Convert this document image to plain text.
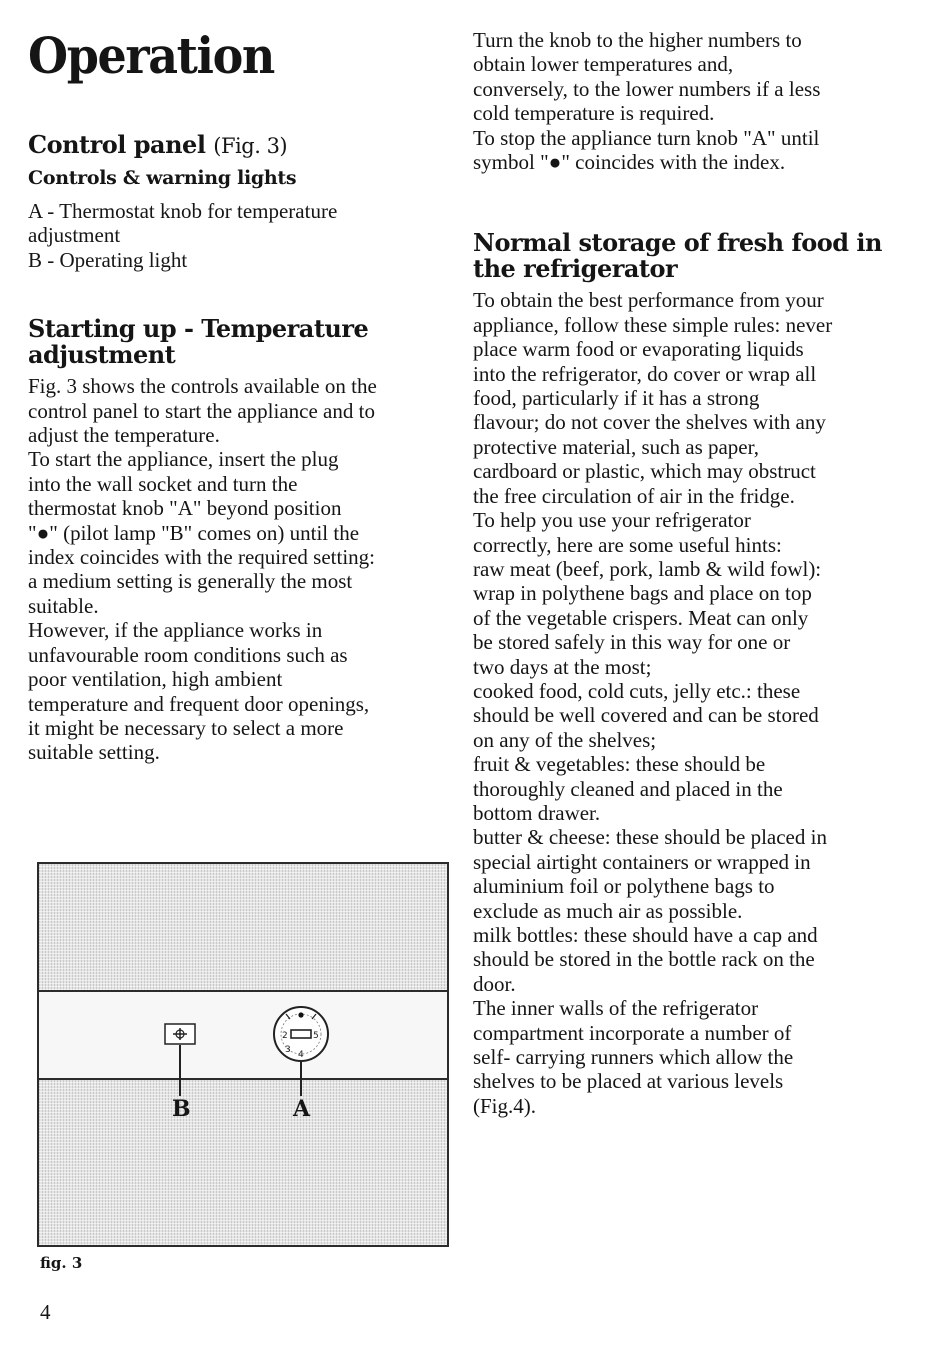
Operation
Control panel (Fig. 3)
Controls & warning lights

A - Thermostat knob for temperature
adjustment
B - Operating light

Starting up - Temperature
adjustment

Fig. 3 shows the controls available on the
control panel to start the appliance and to
adjust the temperature.
To start the appliance, insert the plug
into the wall socket and turn the
thermostat knob "A" beyond position
"●" (pilot lamp "B" comes on) until the
index coincides with the required setting:
a medium setting is generally the most
suitable.
However, if the appliance works in
unfavourable room conditions such as
poor ventilation, high ambient
temperature and frequent door openings,
it might be necessary to select a more
suitable setting.

2
3 4
5
B	A
fig. 3

Turn the knob to the higher numbers to
obtain lower temperatures and,
conversely, to the lower numbers if a less
cold temperature is required.
To stop the appliance turn knob "A" until
symbol "●" coincides with the index.

Normal storage of fresh food in
the refrigerator

To obtain the best performance from your
appliance, follow these simple rules: never
place warm food or evaporating liquids
into the refrigerator, do cover or wrap all
food, particularly if it has a strong
flavour; do not cover the shelves with any
protective material, such as paper,
cardboard or plastic, which may obstruct
the free circulation of air in the fridge.
To help you use your refrigerator
correctly, here are some useful hints:
raw meat (beef, pork, lamb & wild fowl):
wrap in polythene bags and place on top
of the vegetable crispers. Meat can only
be stored safely in this way for one or
two days at the most;
cooked food, cold cuts, jelly etc.: these
should be well covered and can be stored
on any of the shelves;
fruit & vegetables: these should be
thoroughly cleaned and placed in the
bottom drawer.
butter & cheese: these should be placed in
special airtight containers or wrapped in
aluminium foil or polythene bags to
exclude as much air as possible.
milk bottles: these should have a cap and
should be stored in the bottle rack on the
door.
The inner walls of the refrigerator
compartment incorporate a number of
self- carrying runners which allow the
shelves to be placed at various levels
(Fig.4).

4
